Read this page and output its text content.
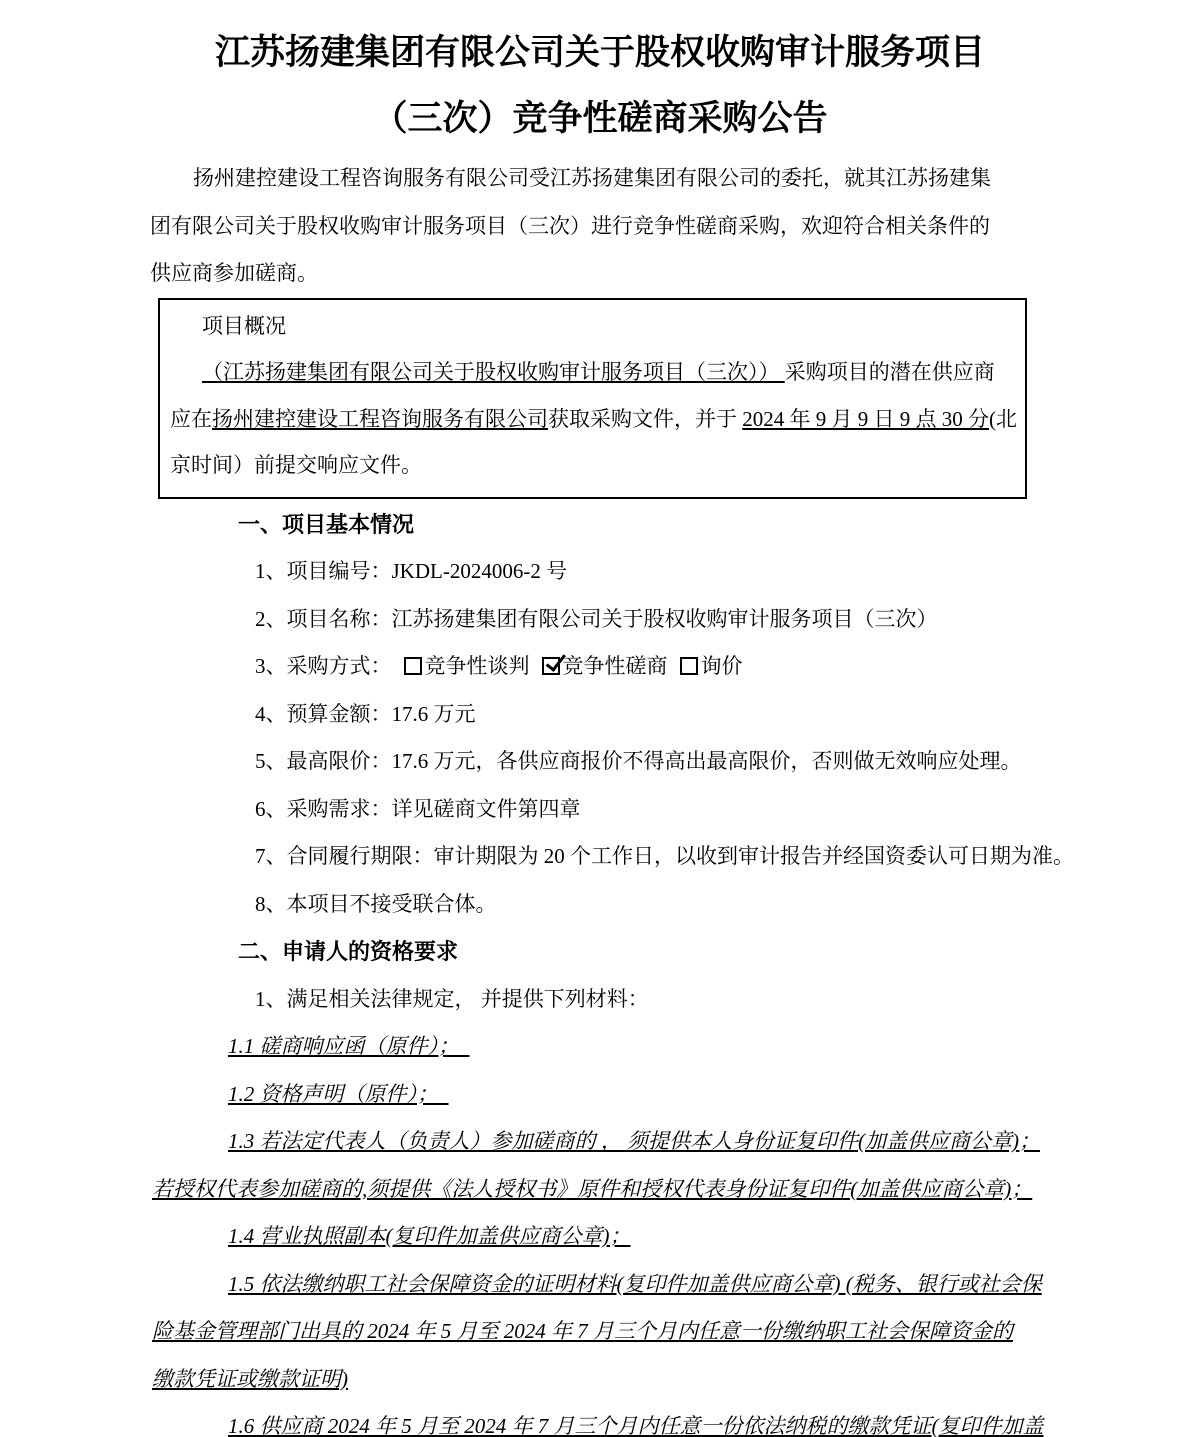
江苏扬建集团有限公司关于股权收购审计服务项目
（三次）竞争性磋商采购公告
扬州建控建设工程咨询服务有限公司受江苏扬建集团有限公司的委托，就其江苏扬建集
团有限公司关于股权收购审计服务项目（三次）进行竞争性磋商采购，欢迎符合相关条件的
供应商参加磋商。
项目概况
（江苏扬建集团有限公司关于股权收购审计服务项目（三次）） 采购项目的潜在供应商
应在扬州建控建设工程咨询服务有限公司获取采购文件，并于 2024 年 9 月 9 日 9 点 30 分(北
京时间）前提交响应文件。
一、项目基本情况
1、项目编号：JKDL-2024006-2 号
2、项目名称：江苏扬建集团有限公司关于股权收购审计服务项目（三次）
3、采购方式： 竞争性谈判 竞争性磋商 询价
4、预算金额：17.6 万元
5、最高限价：17.6 万元，各供应商报价不得高出最高限价，否则做无效响应处理。
6、采购需求：详见磋商文件第四章
7、合同履行期限：审计期限为 20 个工作日，以收到审计报告并经国资委认可日期为准。
8、本项目不接受联合体。
二、申请人的资格要求
1、满足相关法律规定， 并提供下列材料：
1.1 磋商响应函（原件）；
1.2 资格声明（原件）；
1.3 若法定代表人（负责人）参加磋商的 ， 须提供本人身份证复印件(加盖供应商公章)；
若授权代表参加磋商的,须提供《法人授权书》原件和授权代表身份证复印件(加盖供应商公章)；
1.4 营业执照副本(复印件加盖供应商公章)；
1.5 依法缴纳职工社会保障资金的证明材料(复印件加盖供应商公章) (税务、银行或社会保
险基金管理部门出具的 2024 年 5 月至 2024 年 7 月三个月内任意一份缴纳职工社会保障资金的
缴款凭证或缴款证明)
1.6 供应商 2024 年 5 月至 2024 年 7 月三个月内任意一份依法纳税的缴款凭证(复印件加盖
